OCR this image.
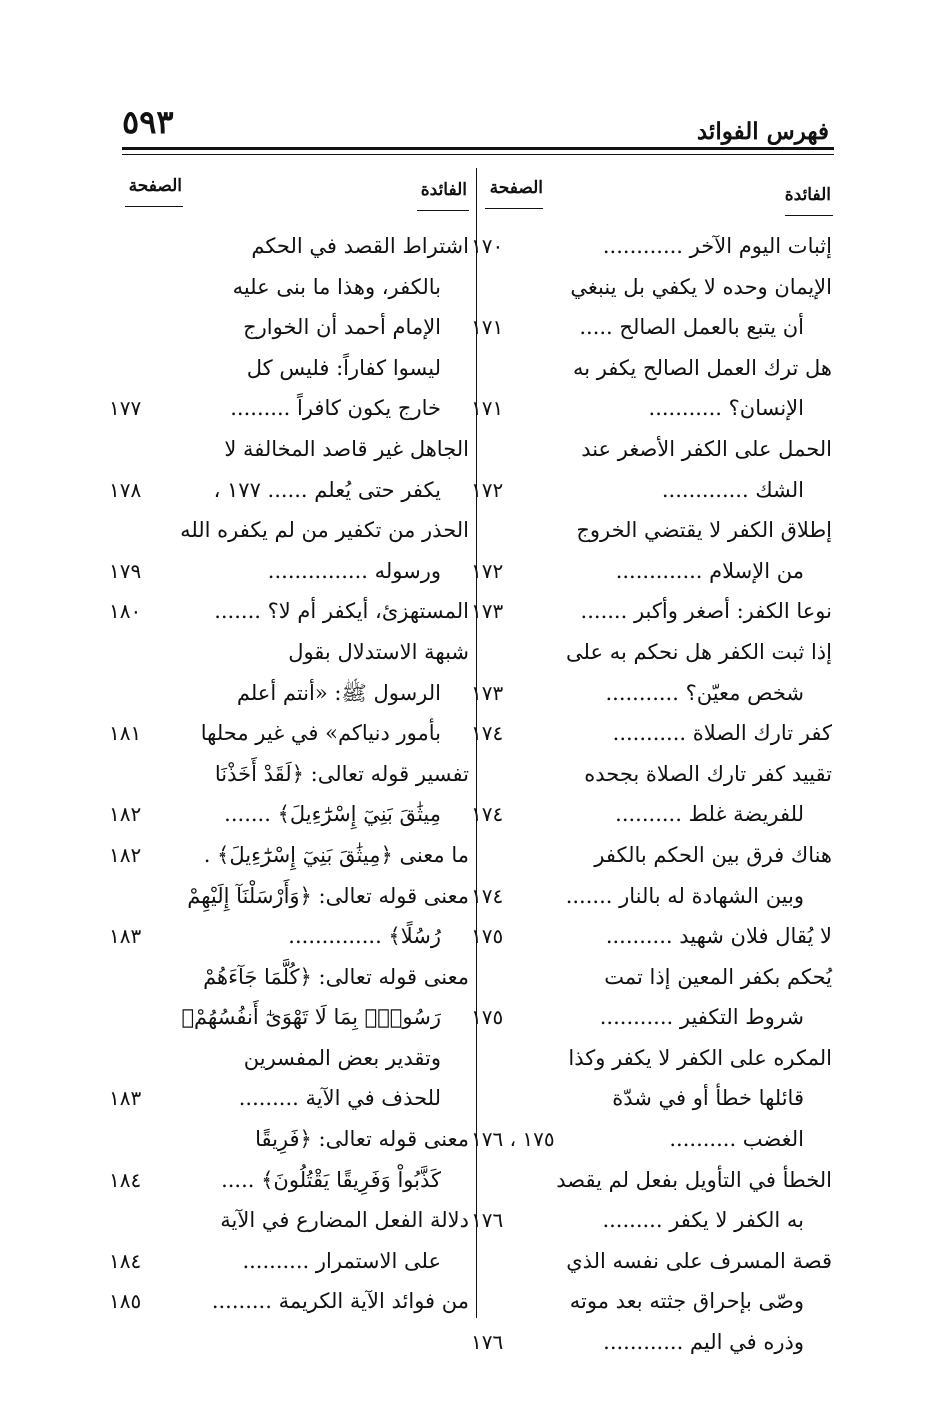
فهرس الفوائد
٥٩٣
الفائدة
الصفحة
الفائدة
الصفحة
إثبات اليوم الآخر ............
١٧٠
الإيمان وحده لا يكفي بل ينبغي
أن يتبع بالعمل الصالح .....
١٧١
هل ترك العمل الصالح يكفر به
الإنسان؟ ...........
١٧١
الحمل على الكفر الأصغر عند
الشك .............
١٧٢
إطلاق الكفر لا يقتضي الخروج
من الإسلام .............
١٧٢
نوعا الكفر: أصغر وأكبر .......
١٧٣
إذا ثبت الكفر هل نحكم به على
شخص معيّن؟ ...........
١٧٣
كفر تارك الصلاة ...........
١٧٤
تقييد كفر تارك الصلاة بجحده
للفريضة غلط ..........
١٧٤
هناك فرق بين الحكم بالكفر
وبين الشهادة له بالنار .......
١٧٤
لا يُقال فلان شهيد ..........
١٧٥
يُحكم بكفر المعين إذا تمت
شروط التكفير ...........
١٧٥
المكره على الكفر لا يكفر وكذا
قائلها خطأ أو في شدّة
الغضب ..........
١٧٥ ، ١٧٦
الخطأ في التأويل بفعل لم يقصد
به الكفر لا يكفر .........
١٧٦
قصة المسرف على نفسه الذي
وصّى بإحراق جثته بعد موته
وذره في اليم ............
١٧٦
اشتراط القصد في الحكم
بالكفر، وهذا ما بنى عليه
الإمام أحمد أن الخوارج
ليسوا كفاراً: فليس كل
خارج يكون كافراً .........
١٧٧
الجاهل غير قاصد المخالفة لا
يكفر حتى يُعلم ...... ١٧٧ ،
١٧٨
الحذر من تكفير من لم يكفره الله
ورسوله ...............
١٧٩
المستهزئ، أيكفر أم لا؟ .......
١٨٠
شبهة الاستدلال بقول
الرسول ﷺ: «أنتم أعلم
بأمور دنياكم» في غير محلها
١٨١
تفسير قوله تعالى: ﴿لَقَدْ أَخَذْنَا
مِيثَٰقَ بَنِيٓ إِسْرَٰٓءِيلَ﴾ .......
١٨٢
ما معنى ﴿مِيثَٰقَ بَنِيٓ إِسْرَٰٓءِيلَ﴾ .
١٨٢
معنى قوله تعالى: ﴿وَأَرْسَلْنَآ إِلَيْهِمْ
رُسُلًا﴾ ..............
١٨٣
معنى قوله تعالى: ﴿كُلَّمَا جَآءَهُمْ
رَسُولٌۢ بِمَا لَا تَهْوَىٰٓ أَنفُسُهُمْ﴾
وتقدير بعض المفسرين
للحذف في الآية .........
١٨٣
معنى قوله تعالى: ﴿فَرِيقًا
كَذَّبُواْ وَفَرِيقًا يَقْتُلُونَ﴾ .....
١٨٤
دلالة الفعل المضارع في الآية
على الاستمرار ..........
١٨٤
من فوائد الآية الكريمة .........
١٨٥
